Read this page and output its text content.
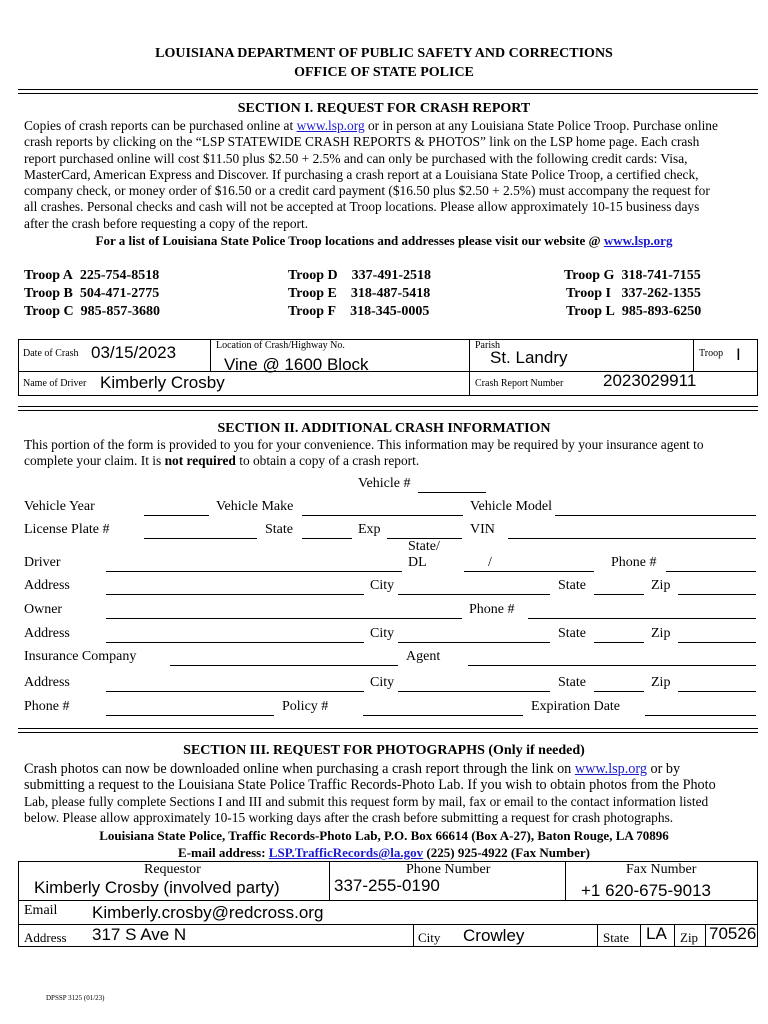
LOUISIANA DEPARTMENT OF PUBLIC SAFETY AND CORRECTIONS
OFFICE OF STATE POLICE
SECTION I. REQUEST FOR CRASH REPORT

Copies of crash reports can be purchased online at www.lsp.org or in person at any Louisiana State Police Troop. Purchase online

crash reports by clicking on the “LSP STATEWIDE CRASH REPORTS & PHOTOS” link on the LSP home page. Each crash

report purchased online will cost $11.50 plus $2.50 + 2.5% and can only be purchased with the following credit cards: Visa,

MasterCard, American Express and Discover. If purchasing a crash report at a Louisiana State Police Troop, a certified check,

company check, or money order of $16.50 or a credit card payment ($16.50 plus $2.50 + 2.5%) must accompany the request for

all crashes. Personal checks and cash will not be accepted at Troop locations. Please allow approximately 10-15 business days

after the crash before requesting a copy of the report.

For a list of Louisiana State Police Troop locations and addresses please visit our website @ www.lsp.org
Troop A 225-754-8518
Troop B 504-471-2775
Troop C 985-857-3680
Troop D 337-491-2518
Troop E 318-487-5418
Troop F 318-345-0005
Troop G 318-741-7155
Troop I 337-262-1355
Troop L 985-893-6250
Date of Crash 03/15/2023	Location of Crash/Highway No.
Vine @ 1600 Block
Parish
St. Landry	Troop I
Name of Driver Kimberly Crosby	Crash Report Number 2023029911
SECTION II. ADDITIONAL CRASH INFORMATION

This portion of the form is provided to you for your convenience. This information may be required by your insurance agent to

complete your claim. It is not required to obtain a copy of a crash report.

Vehicle #
Vehicle Year	Vehicle Make	Vehicle Model
License Plate #	State	Exp	VIN
Driver
State/
DL	/	Phone #
Address	City	State	Zip
Owner	Phone #
Address	City	State	Zip
Insurance Company	Agent
Address	City	State	Zip
Phone #	Policy #	Expiration Date
SECTION III. REQUEST FOR PHOTOGRAPHS (Only if needed)

Crash photos can now be downloaded online when purchasing a crash report through the link on www.lsp.org or by

submitting a request to the Louisiana State Police Traffic Records-Photo Lab. If you wish to obtain photos from the Photo

Lab, please fully complete Sections I and III and submit this request form by mail, fax or email to the contact information listed

below. Please allow approximately 10-15 working days after the crash before submitting a request for crash photographs.

Louisiana State Police, Traffic Records-Photo Lab, P.O. Box 66614 (Box A-27), Baton Rouge, LA 70896
E-mail address: LSP.TrafficRecords@la.gov (225) 925-4922 (Fax Number)
Requestor
Kimberly Crosby (involved party)
Phone Number
337-255-0190
Fax Number
+1 620-675-9013
Email Kimberly.crosby@redcross.org
Address 317 S Ave N	City Crowley	State LA Zip 70526
DPSSP 3125 (01/23)
